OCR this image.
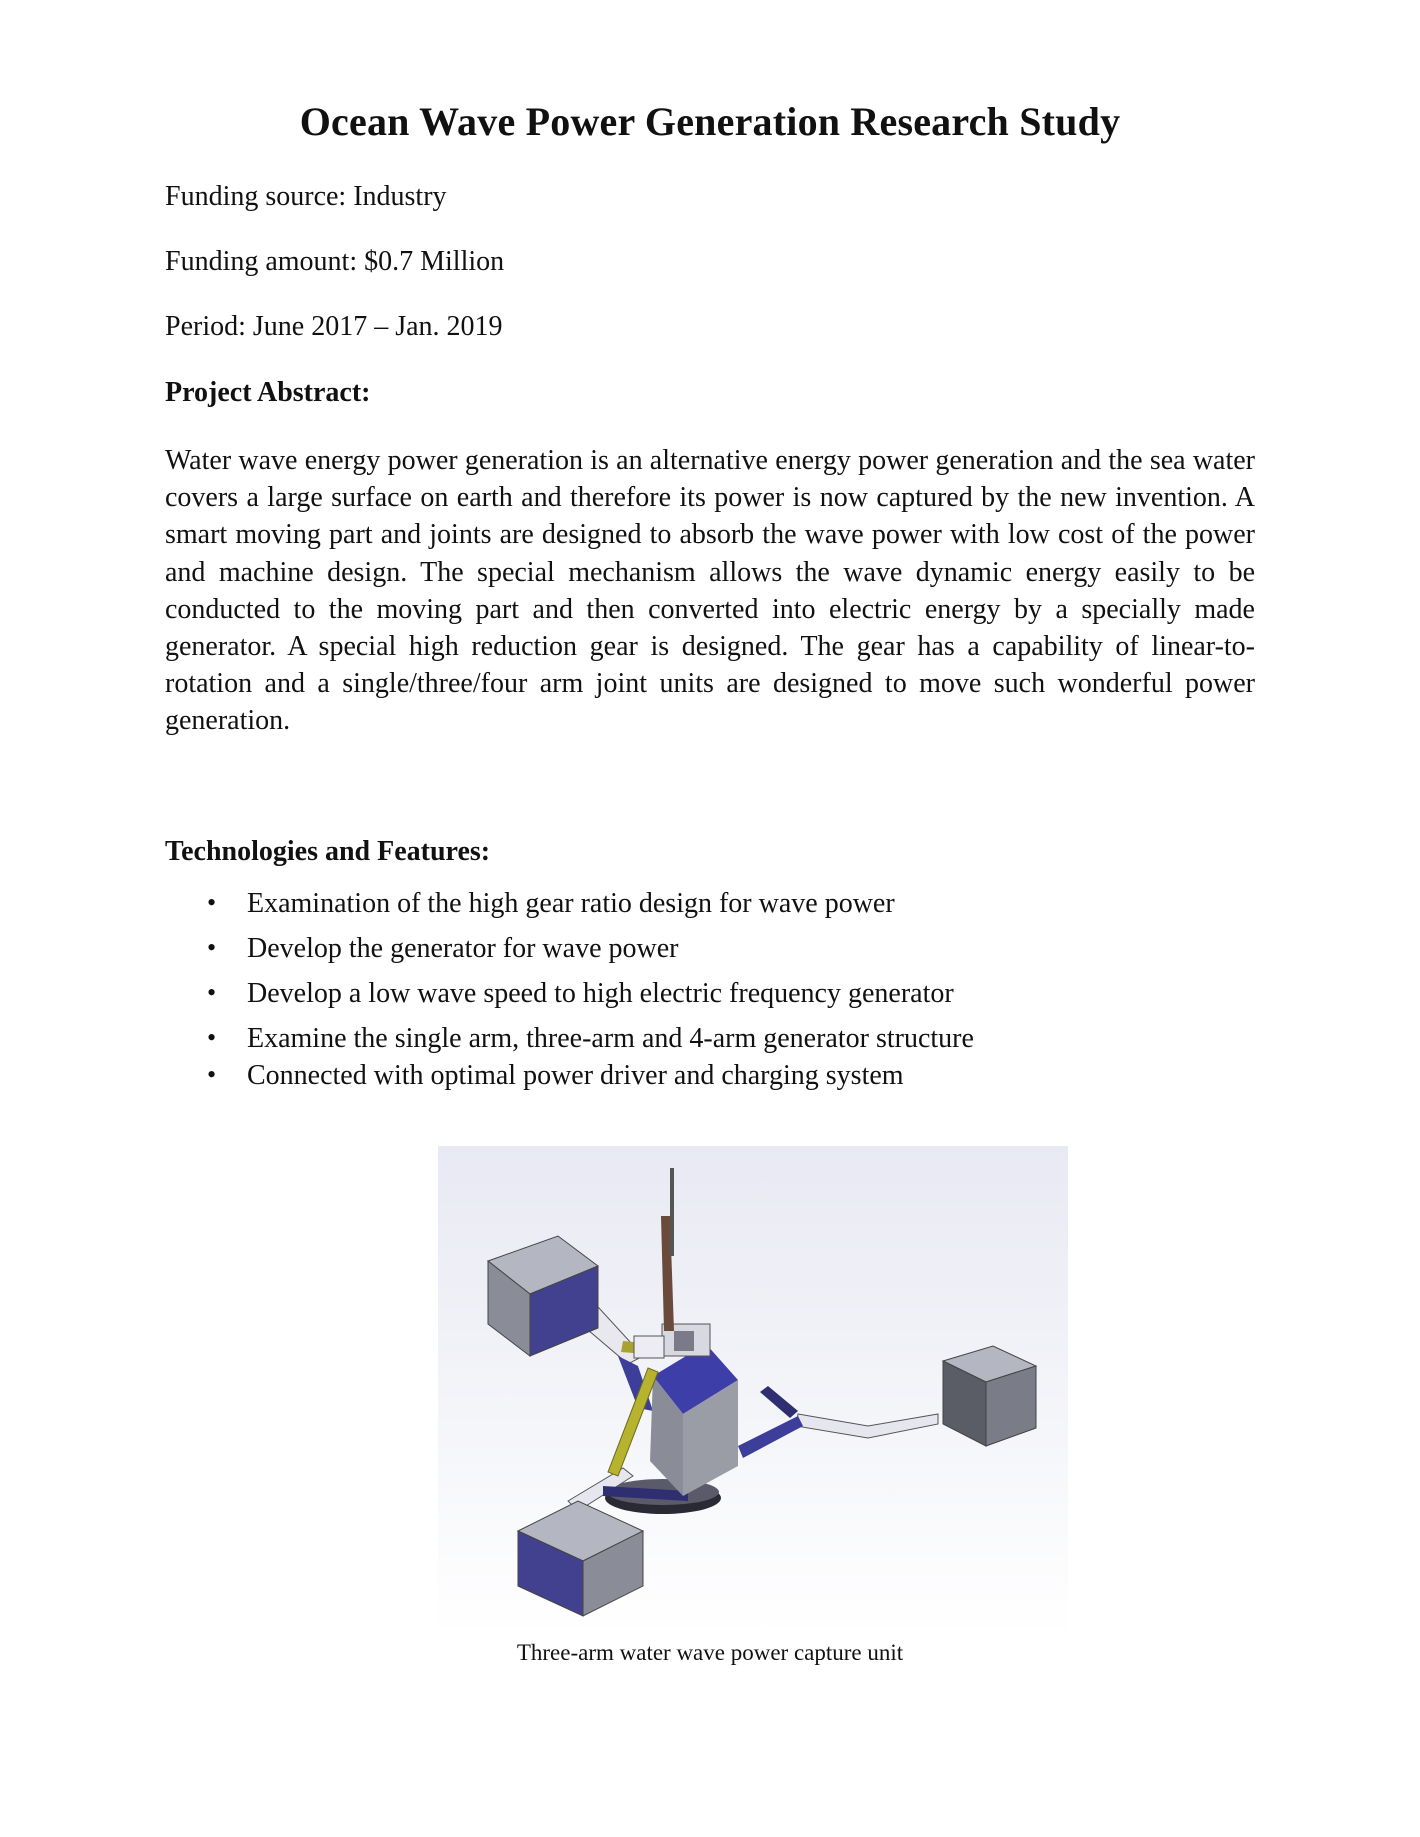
Ocean Wave Power Generation Research Study

Funding source: Industry

Funding amount: $0.7 Million

Period: June 2017 – Jan. 2019

Project Abstract:

Water wave energy power generation is an alternative energy power generation and the sea water covers a large surface on earth and therefore its power is now captured by the new invention. A smart moving part and joints are designed to absorb the wave power with low cost of the power and machine design. The special mechanism allows the wave dynamic energy easily to be conducted to the moving part and then converted into electric energy by a specially made generator. A special high reduction gear is designed. The gear has a capability of linear-to-rotation and a single/three/four arm joint units are designed to move such wonderful power generation.

Technologies and Features:
• Examination of the high gear ratio design for wave power
• Develop the generator for wave power
• Develop a low wave speed to high electric frequency generator
• Examine the single arm, three-arm and 4-arm generator structure
• Connected with optimal power driver and charging system

Three-arm water wave power capture unit
